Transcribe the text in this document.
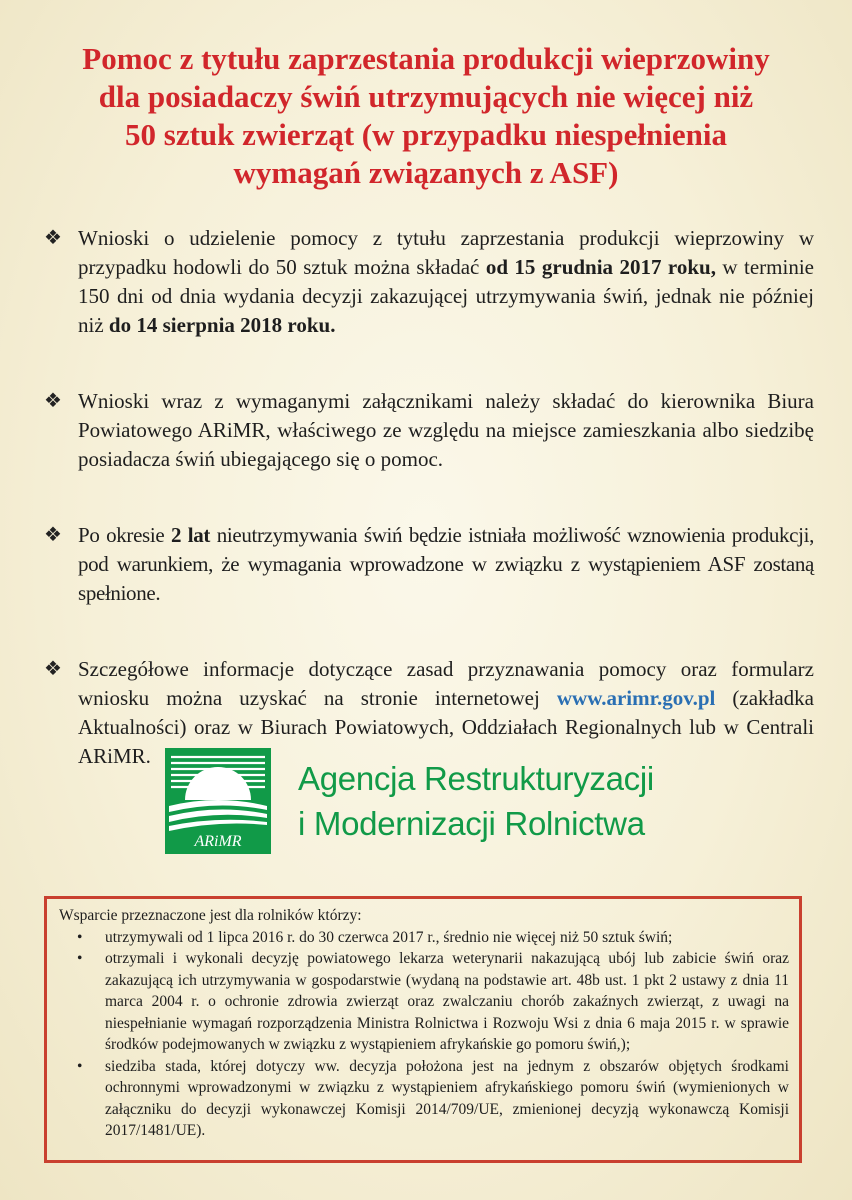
Pomoc z tytułu zaprzestania produkcji wieprzowiny
dla posiadaczy świń utrzymujących nie więcej niż
50 sztuk zwierząt (w przypadku niespełnienia
wymagań związanych z ASF)
❖ Wnioski o udzielenie pomocy z tytułu zaprzestania produkcji wieprzowiny w przypadku hodowli do 50 sztuk można składać od 15 grudnia 2017 roku, w terminie 150 dni od dnia wydania decyzji zakazującej utrzymywania świń, jednak nie później niż do 14 sierpnia 2018 roku.
❖ Wnioski wraz z wymaganymi załącznikami należy składać do kierownika Biura Powiatowego ARiMR, właściwego ze względu na miejsce zamieszkania albo siedzibę posiadacza świń ubiegającego się o pomoc.
❖ Po okresie 2 lat nieutrzymywania świń będzie istniała możliwość wznowienia produkcji, pod warunkiem, że wymagania wprowadzone w związku z wystąpieniem ASF zostaną spełnione.
❖ Szczegółowe informacje dotyczące zasad przyznawania pomocy oraz formularz wniosku można uzyskać na stronie internetowej www.arimr.gov.pl (zakładka Aktualności) oraz w Biurach Powiatowych, Oddziałach Regionalnych lub w Centrali ARiMR.
ARiMR
Agencja Restrukturyzacji
i Modernizacji Rolnictwa
Wsparcie przeznaczone jest dla rolników którzy:
• utrzymywali od 1 lipca 2016 r. do 30 czerwca 2017 r., średnio nie więcej niż 50 sztuk świń;
• otrzymali i wykonali decyzję powiatowego lekarza weterynarii nakazującą ubój lub zabicie świń oraz zakazującą ich utrzymywania w gospodarstwie (wydaną na podstawie art. 48b ust. 1 pkt 2 ustawy z dnia 11 marca 2004 r. o ochronie zdrowia zwierząt oraz zwalczaniu chorób zakaźnych zwierząt, z uwagi na niespełnianie wymagań rozporządzenia Ministra Rolnictwa i Rozwoju Wsi z dnia 6 maja 2015 r. w sprawie środków podejmowanych w związku z wystąpieniem afrykańskie go pomoru świń,);
• siedziba stada, której dotyczy ww. decyzja położona jest na jednym z obszarów objętych środkami ochronnymi wprowadzonymi w związku z wystąpieniem afrykańskiego pomoru świń (wymienionych w załączniku do decyzji wykonawczej Komisji 2014/709/UE, zmienionej decyzją wykonawczą Komisji 2017/1481/UE).
